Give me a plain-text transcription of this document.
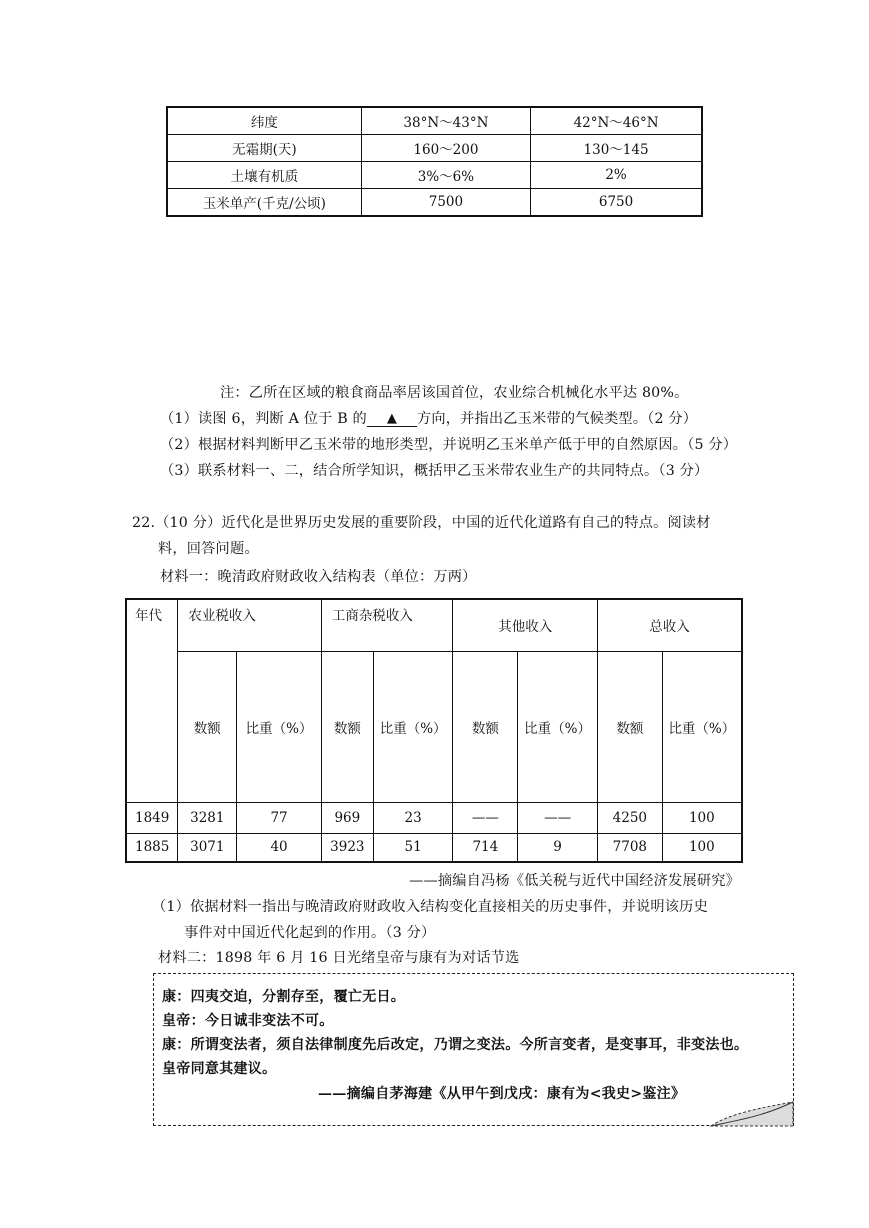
纬度	38°N～43°N	42°N～46°N
无霜期(天)	160～200	130～145
土壤有机质	3%～6%	2%
玉米单产(千克/公顷)	7500	6750
注：乙所在区域的粮食商品率居该国首位，农业综合机械化水平达 80%。
（1）读图 6，判断 A 位于 B 的 ▲ 方向，并指出乙玉米带的气候类型。（2 分）
（2）根据材料判断甲乙玉米带的地形类型，并说明乙玉米单产低于甲的自然原因。（5 分）
（3）联系材料一、二，结合所学知识，概括甲乙玉米带农业生产的共同特点。（3 分）
22.（10 分）近代化是世界历史发展的重要阶段，中国的近代化道路有自己的特点。阅读材
料，回答问题。
材料一：晚清政府财政收入结构表（单位：万两）
年代	农业税收入		工商杂税收入		其他收入		总收入	
	数额	比重（%）	数额	比重（%）	数额	比重（%）	数额	比重（%）
1849	3281	77	969	23	——	——	4250	100
1885	3071	40	3923	51	714	9	7708	100
——摘编自冯杨《低关税与近代中国经济发展研究》
（1）依据材料一指出与晚清政府财政收入结构变化直接相关的历史事件，并说明该历史
事件对中国近代化起到的作用。（3 分）
材料二：1898 年 6 月 16 日光绪皇帝与康有为对话节选
康：四夷交迫，分割存至，覆亡无日。
皇帝：今日诚非变法不可。
康：所谓变法者，须自法律制度先后改定，乃谓之变法。今所言变者，是变事耳，非变法也。
皇帝同意其建议。
——摘编自茅海建《从甲午到戊戌：康有为<我史>鉴注》
